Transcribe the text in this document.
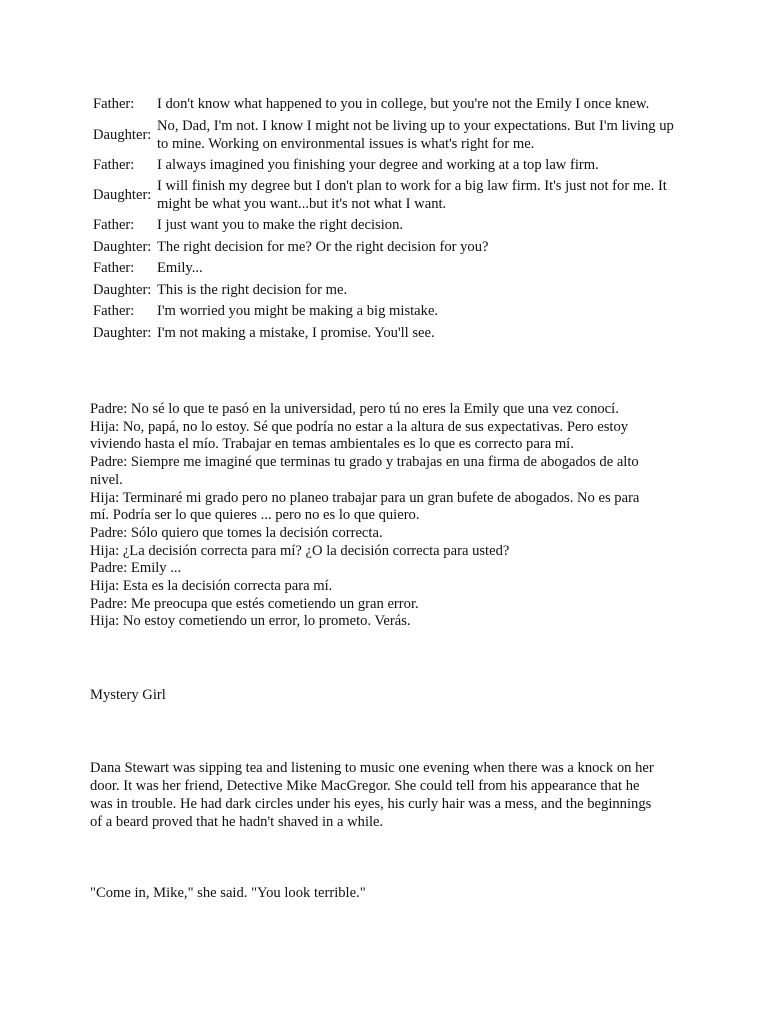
Father:	I don't know what happened to you in college, but you're not the Emily I once knew.
Daughter:
No, Dad, I'm not. I know I might not be living up to your expectations. But I'm living up to mine. Working on environmental issues is what's right for me.
Father:	I always imagined you finishing your degree and working at a top law firm.
Daughter:
I will finish my degree but I don't plan to work for a big law firm. It's just not for me. It might be what you want...but it's not what I want.
Father:	I just want you to make the right decision.
Daughter: The right decision for me? Or the right decision for you?
Father:	Emily...
Daughter: This is the right decision for me.
Father:	I'm worried you might be making a big mistake.
Daughter: I'm not making a mistake, I promise. You'll see.
Padre: No sé lo que te pasó en la universidad, pero tú no eres la Emily que una vez conocí.
Hija: No, papá, no lo estoy. Sé que podría no estar a la altura de sus expectativas. Pero estoy
viviendo hasta el mío. Trabajar en temas ambientales es lo que es correcto para mí.
Padre: Siempre me imaginé que terminas tu grado y trabajas en una firma de abogados de alto
nivel.
Hija: Terminaré mi grado pero no planeo trabajar para un gran bufete de abogados. No es para
mí. Podría ser lo que quieres ... pero no es lo que quiero.
Padre: Sólo quiero que tomes la decisión correcta.
Hija: ¿La decisión correcta para mí? ¿O la decisión correcta para usted?
Padre: Emily ...
Hija: Esta es la decisión correcta para mí.
Padre: Me preocupa que estés cometiendo un gran error.
Hija: No estoy cometiendo un error, lo prometo. Verás.
Mystery Girl
Dana Stewart was sipping tea and listening to music one evening when there was a knock on her
door. It was her friend, Detective Mike MacGregor. She could tell from his appearance that he
was in trouble. He had dark circles under his eyes, his curly hair was a mess, and the beginnings
of a beard proved that he hadn't shaved in a while.
"Come in, Mike," she said. "You look terrible."
